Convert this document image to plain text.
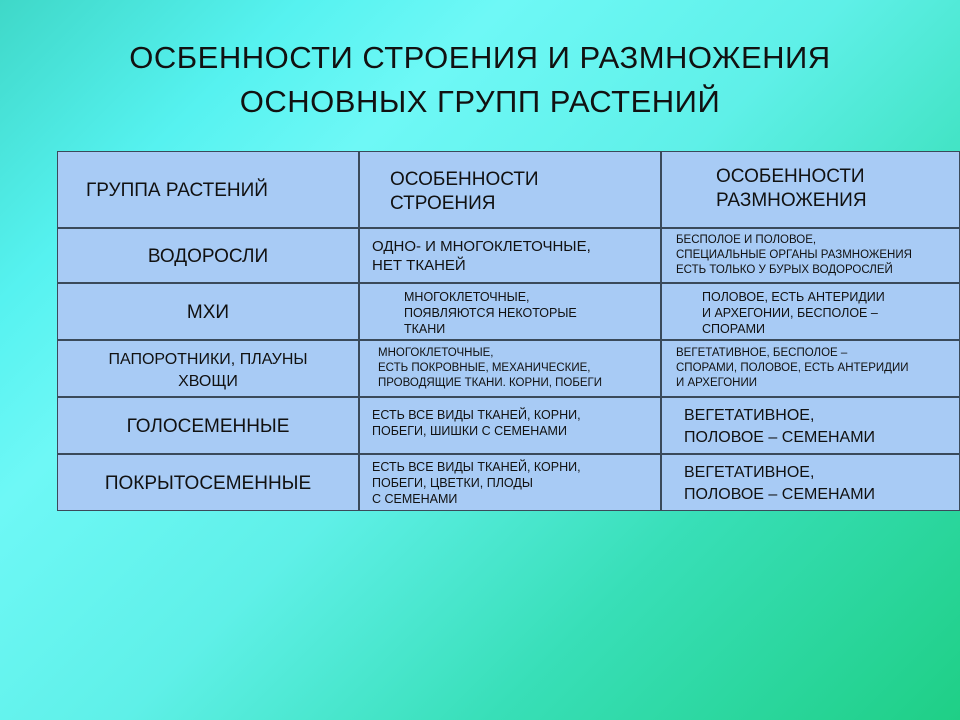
ОСБЕННОСТИ СТРОЕНИЯ И РАЗМНОЖЕНИЯ
ОСНОВНЫХ ГРУПП РАСТЕНИЙ
ГРУППА РАСТЕНИЙ
ОСОБЕННОСТИ
СТРОЕНИЯ
ОСОБЕННОСТИ
РАЗМНОЖЕНИЯ
ВОДОРОСЛИ	ОДНО- И МНОГОКЛЕТОЧНЫЕ,
НЕТ ТКАНЕЙ
БЕСПОЛОЕ И ПОЛОВОЕ,
СПЕЦИАЛЬНЫЕ ОРГАНЫ РАЗМНОЖЕНИЯ
ЕСТЬ ТОЛЬКО У БУРЫХ ВОДОРОСЛЕЙ
МХИ
МНОГОКЛЕТОЧНЫЕ,
ПОЯВЛЯЮТСЯ НЕКОТОРЫЕ
ТКАНИ
ПОЛОВОЕ, ЕСТЬ АНТЕРИДИИ
И АРХЕГОНИИ, БЕСПОЛОЕ –
СПОРАМИ
ПАПОРОТНИКИ, ПЛАУНЫ
ХВОЩИ
МНОГОКЛЕТОЧНЫЕ,
ЕСТЬ ПОКРОВНЫЕ, МЕХАНИЧЕСКИЕ,
ПРОВОДЯЩИЕ ТКАНИ. КОРНИ, ПОБЕГИ
ВЕГЕТАТИВНОЕ, БЕСПОЛОЕ –
СПОРАМИ, ПОЛОВОЕ, ЕСТЬ АНТЕРИДИИ
И АРХЕГОНИИ
ГОЛОСЕМЕННЫЕ
ЕСТЬ ВСЕ ВИДЫ ТКАНЕЙ, КОРНИ,
ПОБЕГИ, ШИШКИ С СЕМЕНАМИ
ВЕГЕТАТИВНОЕ,
ПОЛОВОЕ – СЕМЕНАМИ
ПОКРЫТОСЕМЕННЫЕ
ЕСТЬ ВСЕ ВИДЫ ТКАНЕЙ, КОРНИ,
ПОБЕГИ, ЦВЕТКИ, ПЛОДЫ
С СЕМЕНАМИ
ВЕГЕТАТИВНОЕ,
ПОЛОВОЕ – СЕМЕНАМИ
